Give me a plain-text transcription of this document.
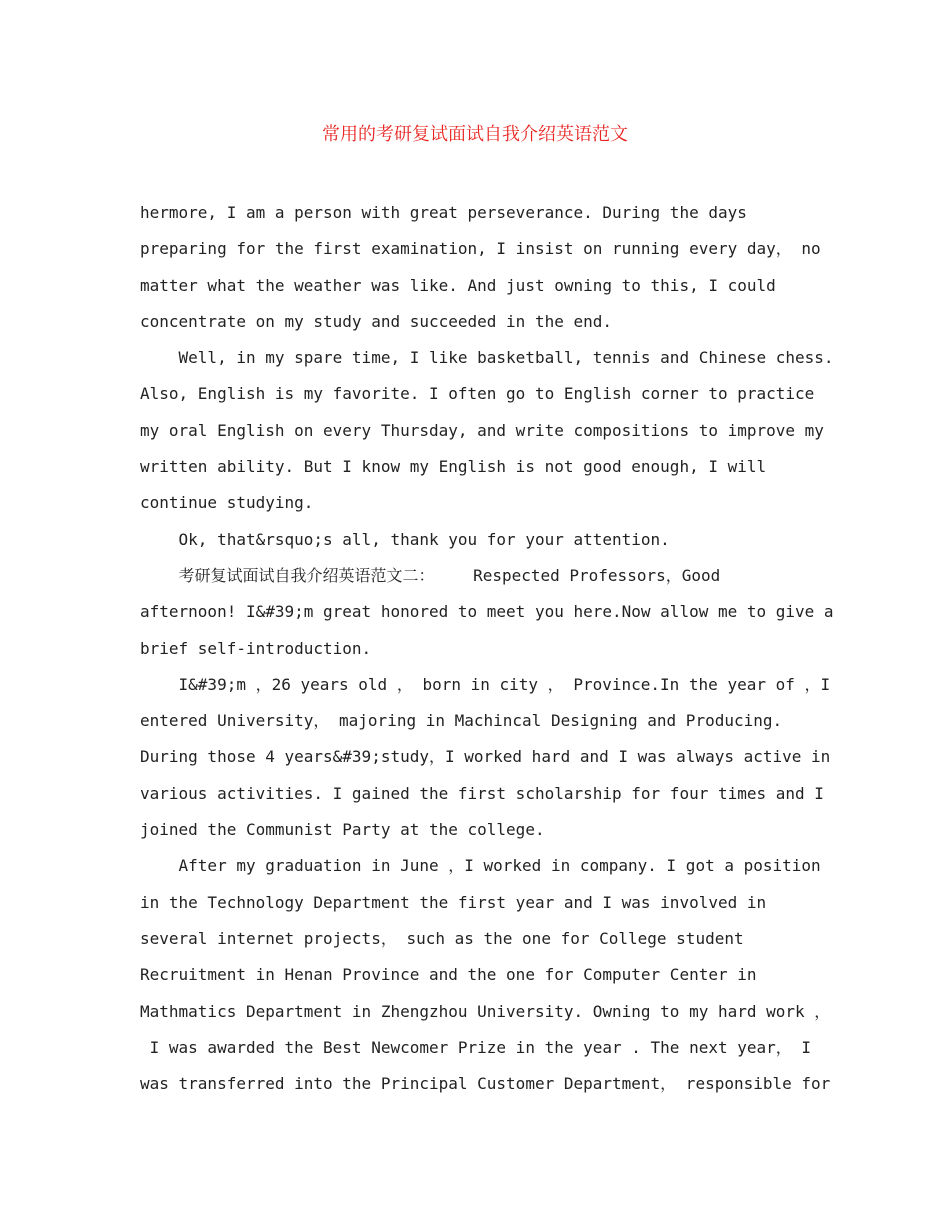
常用的考研复试面试自我介绍英语范文
hermore, I am a person with great perseverance. During the days
preparing for the first examination, I insist on running every day， no
matter what the weather was like. And just owning to this, I could
concentrate on my study and succeeded in the end.
Well, in my spare time, I like basketball, tennis and Chinese chess.
Also, English is my favorite. I often go to English corner to practice
my oral English on every Thursday, and write compositions to improve my
written ability. But I know my English is not good enough, I will
continue studying.
Ok, that&rsquo;s all, thank you for your attention.
考研复试面试自我介绍英语范文二：    Respected Professors，Good
afternoon! I&#39;m great honored to meet you here.Now allow me to give a
brief self-introduction.
I&#39;m ，26 years old ， born in city ， Province.In the year of ，I
entered University， majoring in Machincal Designing and Producing.
During those 4 years&#39;study，I worked hard and I was always active in
various activities. I gained the first scholarship for four times and I
joined the Communist Party at the college.
After my graduation in June ，I worked in company. I got a position
in the Technology Department the first year and I was involved in
several internet projects， such as the one for College student
Recruitment in Henan Province and the one for Computer Center in
Mathmatics Department in Zhengzhou University. Owning to my hard work ，
I was awarded the Best Newcomer Prize in the year . The next year， I
was transferred into the Principal Customer Department， responsible for
